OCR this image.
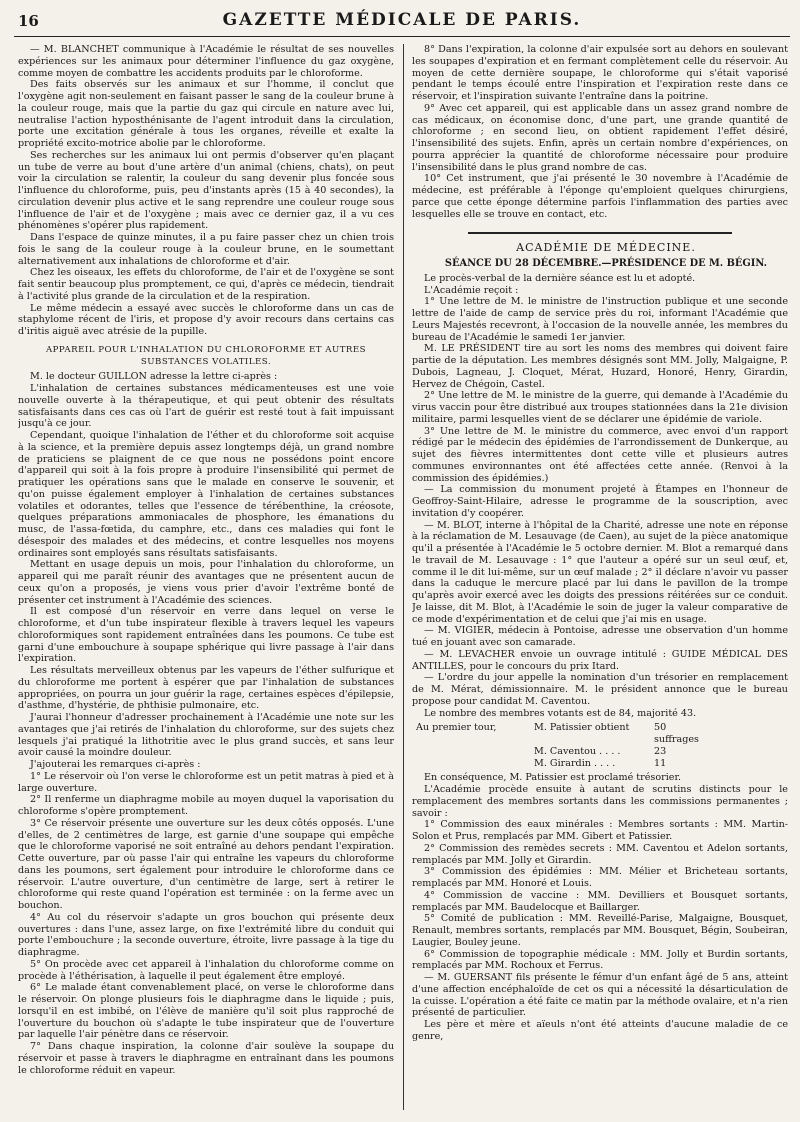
16	GAZETTE MÉDICALE DE PARIS.

— M. BLANCHET communique à l'Académie le résultat de ses nouvelles expériences sur les animaux pour déterminer l'influence du gaz oxygène, comme moyen de combattre les accidents produits par le chloroforme.

Des faits observés sur les animaux et sur l'homme, il conclut que l'oxygène agit non-seulement en faisant passer le sang de la couleur brune à la couleur rouge, mais que la partie du gaz qui circule en nature avec lui, neutralise l'action hyposthénisante de l'agent introduit dans la circulation, porte une excitation générale à tous les organes, réveille et exalte la propriété excito-motrice abolie par le chloroforme.

Ses recherches sur les animaux lui ont permis d'observer qu'en plaçant un tube de verre au bout d'une artère d'un animal (chiens, chats), on peut voir la circulation se ralentir, la couleur du sang devenir plus foncée sous l'influence du chloroforme, puis, peu d'instants après (15 à 40 secondes), la circulation devenir plus active et le sang reprendre une couleur rouge sous l'influence de l'air et de l'oxygène ; mais avec ce dernier gaz, il a vu ces phénomènes s'opérer plus rapidement.

Dans l'espace de quinze minutes, il a pu faire passer chez un chien trois fois le sang de la couleur rouge à la couleur brune, en le soumettant alternativement aux inhalations de chloroforme et d'air.

Chez les oiseaux, les effets du chloroforme, de l'air et de l'oxygène se sont fait sentir beaucoup plus promptement, ce qui, d'après ce médecin, tiendrait à l'activité plus grande de la circulation et de la respiration.

Le même médecin a essayé avec succès le chloroforme dans un cas de staphylome récent de l'iris, et propose d'y avoir recours dans certains cas d'iritis aiguë avec atrésie de la pupille.

APPAREIL POUR L'INHALATION DU CHLOROFORME ET AUTRES SUBSTANCES VOLATILES.

M. le docteur GUILLON adresse la lettre ci-après :

L'inhalation de certaines substances médicamenteuses est une voie nouvelle ouverte à la thérapeutique, et qui peut obtenir des résultats satisfaisants dans ces cas où l'art de guérir est resté tout à fait impuissant jusqu'à ce jour.

Cependant, quoique l'inhalation de l'éther et du chloroforme soit acquise à la science, et la première depuis assez longtemps déjà, un grand nombre de praticiens se plaignent de ce que nous ne possédons point encore d'appareil qui soit à la fois propre à produire l'insensibilité qui permet de pratiquer les opérations sans que le malade en conserve le souvenir, et qu'on puisse également employer à l'inhalation de certaines substances volatiles et odorantes, telles que l'essence de térébenthine, la créosote, quelques préparations ammoniacales de phosphore, les émanations du musc, de l'assa-fœtida, du camphre, etc., dans ces maladies qui font le désespoir des malades et des médecins, et contre lesquelles nos moyens ordinaires sont employés sans résultats satisfaisants.

Mettant en usage depuis un mois, pour l'inhalation du chloroforme, un appareil qui me paraît réunir des avantages que ne présentent aucun de ceux qu'on a proposés, je viens vous prier d'avoir l'extrême bonté de présenter cet instrument à l'Académie des sciences.

Il est composé d'un réservoir en verre dans lequel on verse le chloroforme, et d'un tube inspirateur flexible à travers lequel les vapeurs chloroformiques sont rapidement entraînées dans les poumons. Ce tube est garni d'une embouchure à soupape sphérique qui livre passage à l'air dans l'expiration.

Les résultats merveilleux obtenus par les vapeurs de l'éther sulfurique et du chloroforme me portent à espérer que par l'inhalation de substances appropriées, on pourra un jour guérir la rage, certaines espèces d'épilepsie, d'asthme, d'hystérie, de phthisie pulmonaire, etc.

J'aurai l'honneur d'adresser prochainement à l'Académie une note sur les avantages que j'ai retirés de l'inhalation du chloroforme, sur des sujets chez lesquels j'ai pratiqué la lithotritie avec le plus grand succès, et sans leur avoir causé la moindre douleur.

J'ajouterai les remarques ci-après :

1° Le réservoir où l'on verse le chloroforme est un petit matras à pied et à large ouverture.

2° Il renferme un diaphragme mobile au moyen duquel la vaporisation du chloroforme s'opère promptement.

3° Ce réservoir présente une ouverture sur les deux côtés opposés. L'une d'elles, de 2 centimètres de large, est garnie d'une soupape qui empêche que le chloroforme vaporisé ne soit entraîné au dehors pendant l'expiration. Cette ouverture, par où passe l'air qui entraîne les vapeurs du chloroforme dans les poumons, sert également pour introduire le chloroforme dans ce réservoir. L'autre ouverture, d'un centimètre de large, sert à retirer le chloroforme qui reste quand l'opération est terminée : on la ferme avec un bouchon.

4° Au col du réservoir s'adapte un gros bouchon qui présente deux ouvertures : dans l'une, assez large, on fixe l'extrémité libre du conduit qui porte l'embouchure ; la seconde ouverture, étroite, livre passage à la tige du diaphragme.

5° On procède avec cet appareil à l'inhalation du chloroforme comme on procède à l'éthérisation, à laquelle il peut également être employé.

6° Le malade étant convenablement placé, on verse le chloroforme dans le réservoir. On plonge plusieurs fois le diaphragme dans le liquide ; puis, lorsqu'il en est imbibé, on l'élève de manière qu'il soit plus rapproché de l'ouverture du bouchon où s'adapte le tube inspirateur que de l'ouverture par laquelle l'air pénètre dans ce réservoir.

7° Dans chaque inspiration, la colonne d'air soulève la soupape du réservoir et passe à travers le diaphragme en entraînant dans les poumons le chloroforme réduit en vapeur.

8° Dans l'expiration, la colonne d'air expulsée sort au dehors en soulevant les soupapes d'expiration et en fermant complètement celle du réservoir. Au moyen de cette dernière soupape, le chloroforme qui s'était vaporisé pendant le temps écoulé entre l'inspiration et l'expiration reste dans ce réservoir, et l'inspiration suivante l'entraîne dans la poitrine.

9° Avec cet appareil, qui est applicable dans un assez grand nombre de cas médicaux, on économise donc, d'une part, une grande quantité de chloroforme ; en second lieu, on obtient rapidement l'effet désiré, l'insensibilité des sujets. Enfin, après un certain nombre d'expériences, on pourra apprécier la quantité de chloroforme nécessaire pour produire l'insensibilité dans le plus grand nombre de cas.

10° Cet instrument, que j'ai présenté le 30 novembre à l'Académie de médecine, est préférable à l'éponge qu'emploient quelques chirurgiens, parce que cette éponge détermine parfois l'inflammation des parties avec lesquelles elle se trouve en contact, etc.

ACADÉMIE DE MÉDECINE.

SÉANCE DU 28 DÉCEMBRE.—PRÉSIDENCE DE M. BÉGIN.

Le procès-verbal de la dernière séance est lu et adopté.

L'Académie reçoit :

1° Une lettre de M. le ministre de l'instruction publique et une seconde lettre de l'aide de camp de service près du roi, informant l'Académie que Leurs Majestés recevront, à l'occasion de la nouvelle année, les membres du bureau de l'Académie le samedi 1er janvier.

M. LE PRÉSIDENT tire au sort les noms des membres qui doivent faire partie de la députation. Les membres désignés sont MM. Jolly, Malgaigne, P. Dubois, Lagneau, J. Cloquet, Mérat, Huzard, Honoré, Henry, Girardin, Hervez de Chégoin, Castel.

2° Une lettre de M. le ministre de la guerre, qui demande à l'Académie du virus vaccin pour être distribué aux troupes stationnées dans la 21e division militaire, parmi lesquelles vient de se déclarer une épidémie de variole.

3° Une lettre de M. le ministre du commerce, avec envoi d'un rapport rédigé par le médecin des épidémies de l'arrondissement de Dunkerque, au sujet des fièvres intermittentes dont cette ville et plusieurs autres communes environnantes ont été affectées cette année. (Renvoi à la commission des épidémies.)

— La commission du monument projeté à Étampes en l'honneur de Geoffroy-Saint-Hilaire, adresse le programme de la souscription, avec invitation d'y coopérer.

— M. BLOT, interne à l'hôpital de la Charité, adresse une note en réponse à la réclamation de M. Lesauvage (de Caen), au sujet de la pièce anatomique qu'il a présentée à l'Académie le 5 octobre dernier. M. Blot a remarqué dans le travail de M. Lesauvage : 1° que l'auteur a opéré sur un seul œuf, et, comme il le dit lui-même, sur un œuf malade ; 2° il déclare n'avoir vu passer dans la caduque le mercure placé par lui dans le pavillon de la trompe qu'après avoir exercé avec les doigts des pressions réitérées sur ce conduit. Je laisse, dit M. Blot, à l'Académie le soin de juger la valeur comparative de ce mode d'expérimentation et de celui que j'ai mis en usage.

— M. VIGIER, médecin à Pontoise, adresse une observation d'un homme tué en jouant avec son camarade.

— M. LEVACHER envoie un ouvrage intitulé : GUIDE MÉDICAL DES ANTILLES, pour le concours du prix Itard.

— L'ordre du jour appelle la nomination d'un trésorier en remplacement de M. Mérat, démissionnaire. M. le président annonce que le bureau propose pour candidat M. Caventou.

Le nombre des membres votants est de 84, majorité 43.

Au premier tour,	M. Patissier obtient	50 suffrages
M. Caventou . . . .	23
M. Girardin . . . .	11

En conséquence, M. Patissier est proclamé trésorier.

L'Académie procède ensuite à autant de scrutins distincts pour le remplacement des membres sortants dans les commissions permanentes ; savoir :

1° Commission des eaux minérales : Membres sortants : MM. Martin-Solon et Prus, remplacés par MM. Gibert et Patissier.

2° Commission des remèdes secrets : MM. Caventou et Adelon sortants, remplacés par MM. Jolly et Girardin.

3° Commission des épidémies : MM. Mélier et Bricheteau sortants, remplacés par MM. Honoré et Louis.

4° Commission de vaccine : MM. Devilliers et Bousquet sortants, remplacés par MM. Baudelocque et Baillarger.

5° Comité de publication : MM. Reveillé-Parise, Malgaigne, Bousquet, Renault, membres sortants, remplacés par MM. Bousquet, Bégin, Soubeiran, Laugier, Bouley jeune.

6° Commission de topographie médicale : MM. Jolly et Burdin sortants, remplacés par MM. Rochoux et Ferrus.

— M. GUERSANT fils présente le fémur d'un enfant âgé de 5 ans, atteint d'une affection encéphaloïde de cet os qui a nécessité la désarticulation de la cuisse. L'opération a été faite ce matin par la méthode ovalaire, et n'a rien présenté de particulier.

Les père et mère et aïeuls n'ont été atteints d'aucune maladie de ce genre,
